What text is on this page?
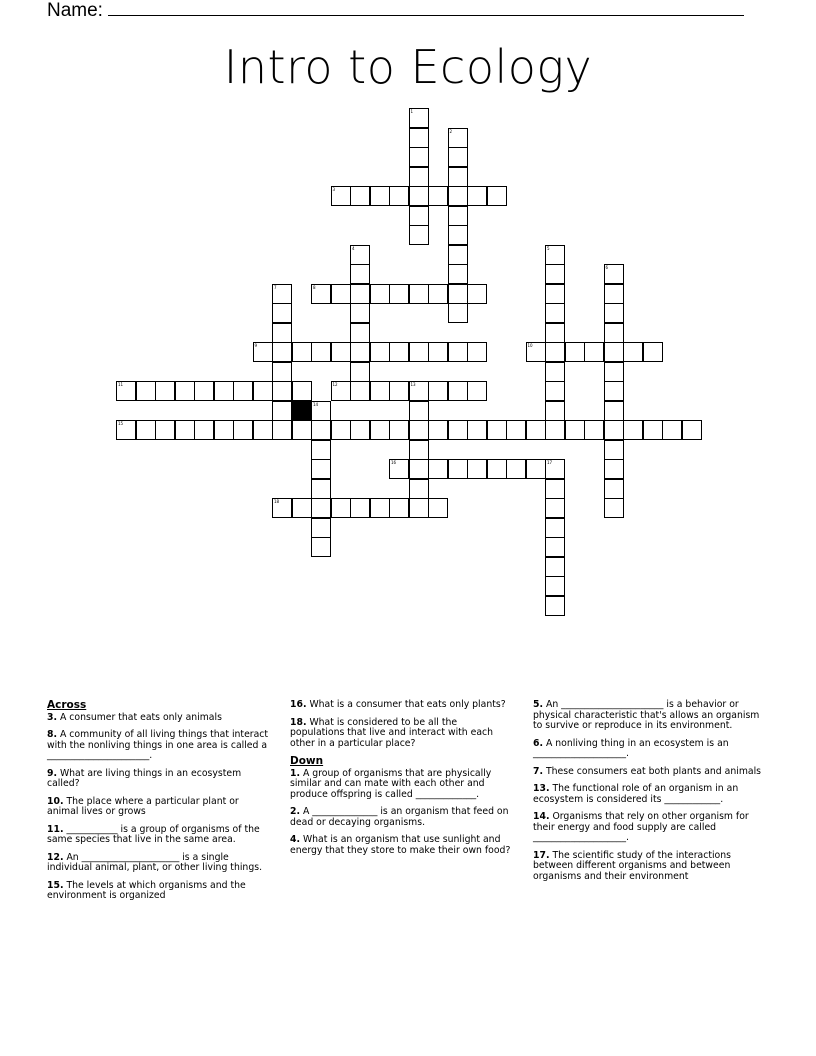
Name:
Intro to Ecology
1
2
3
4	5
6
7	8
9	10
11	12	13
14
15
16	17
18
Across
3. A consumer that eats only animals
8. A community of all living things that interact with the nonliving things in one area is called a ______________________.
9. What are living things in an ecosystem called?
10. The place where a particular plant or animal lives or grows
11. ___________ is a group of organisms of the same species that live in the same area.
12. An _____________________ is a single individual animal, plant, or other living things.
15. The levels at which organisms and the environment is organized
16. What is a consumer that eats only plants?
18. What is considered to be all the populations that live and interact with each other in a particular place?
Down
1. A group of organisms that are physically similar and can mate with each other and produce offspring is called _____________.
2. A ______________ is an organism that feed on dead or decaying organisms.
4. What is an organism that use sunlight and energy that they store to make their own food?
5. An ______________________ is a behavior or physical characteristic that's allows an organism to survive or reproduce in its environment.
6. A nonliving thing in an ecosystem is an ____________________.
7. These consumers eat both plants and animals
13. The functional role of an organism in an ecosystem is considered its ____________.
14. Organisms that rely on other organism for their energy and food supply are called ____________________.
17. The scientific study of the interactions between different organisms and between organisms and their environment
